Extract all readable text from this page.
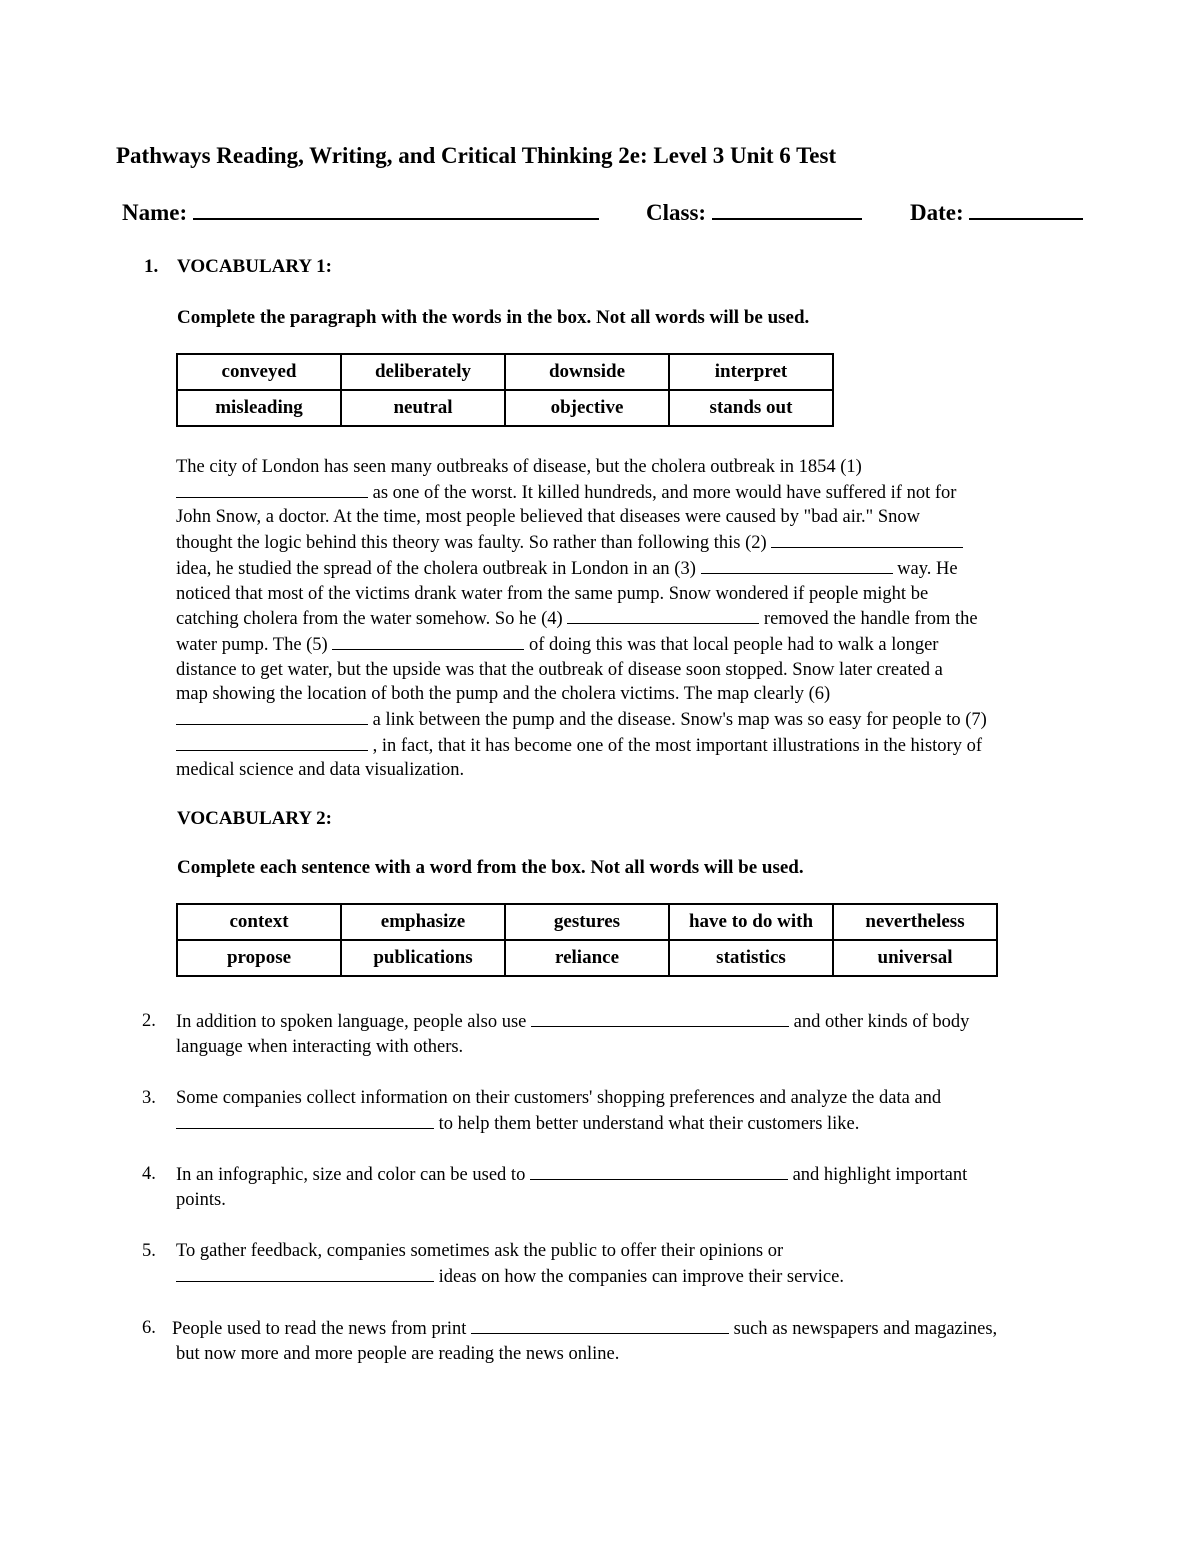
Pathways Reading, Writing, and Critical Thinking 2e: Level 3 Unit 6 Test
Name:	Class:	Date:
1. VOCABULARY 1:
Complete the paragraph with the words in the box. Not all words will be used.
conveyed	deliberately	downside	interpret
misleading	neutral	objective	stands out
The city of London has seen many outbreaks of disease, but the cholera outbreak in 1854 (1)
as one of the worst. It killed hundreds, and more would have suffered if not for
John Snow, a doctor. At the time, most people believed that diseases were caused by "bad air." Snow
thought the logic behind this theory was faulty. So rather than following this (2)
idea, he studied the spread of the cholera outbreak in London in an (3)	way. He
noticed that most of the victims drank water from the same pump. Snow wondered if people might be
catching cholera from the water somehow. So he (4)	removed the handle from the
water pump. The (5)	of doing this was that local people had to walk a longer
distance to get water, but the upside was that the outbreak of disease soon stopped. Snow later created a
map showing the location of both the pump and the cholera victims. The map clearly (6)
a link between the pump and the disease. Snow's map was so easy for people to (7)
, in fact, that it has become one of the most important illustrations in the history of
medical science and data visualization.
VOCABULARY 2:
Complete each sentence with a word from the box. Not all words will be used.
context	emphasize	gestures	have to do with	nevertheless
propose	publications	reliance	statistics	universal
2. In addition to spoken language, people also use	and other kinds of body
language when interacting with others.
3. Some companies collect information on their customers' shopping preferences and analyze the data and
to help them better understand what their customers like.
4. In an infographic, size and color can be used to	and highlight important
points.
5. To gather feedback, companies sometimes ask the public to offer their opinions or
ideas on how the companies can improve their service.
6. People used to read the news from print	such as newspapers and magazines,
but now more and more people are reading the news online.
